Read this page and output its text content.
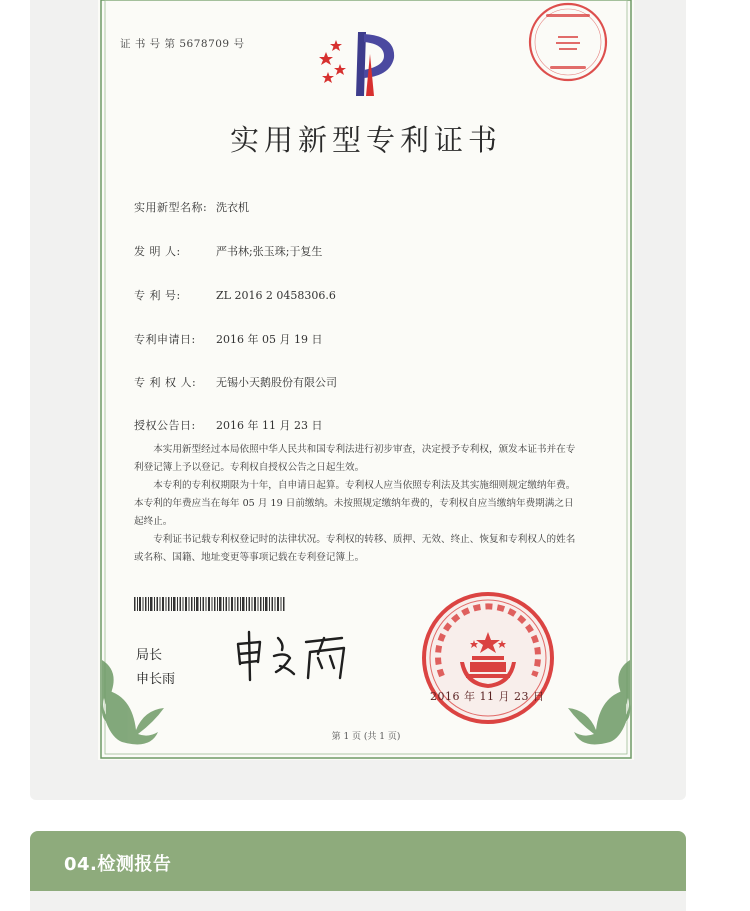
证 书 号 第 5678709 号
实用新型专利证书
实用新型名称: 洗衣机
发 明 人:	严书林;张玉珠;于复生
专 利 号:	ZL 2016 2 0458306.6
专利申请日: 2016 年 05 月 19 日
专 利 权 人: 无锡小天鹅股份有限公司
授权公告日: 2016 年 11 月 23 日

本实用新型经过本局依照中华人民共和国专利法进行初步审查，决定授予专利权，颁发本证书并在专利登记簿上予以登记。专利权自授权公告之日起生效。

本专利的专利权期限为十年，自申请日起算。专利权人应当依照专利法及其实施细则规定缴纳年费。本专利的年费应当在每年 05 月 19 日前缴纳。未按照规定缴纳年费的，专利权自应当缴纳年费期满之日起终止。

专利证书记载专利权登记时的法律状况。专利权的转移、质押、无效、终止、恢复和专利权人的姓名或名称、国籍、地址变更等事项记载在专利登记簿上。

局长
申长雨
2016 年 11 月 23 日
第 1 页 (共 1 页)
04.检测报告
